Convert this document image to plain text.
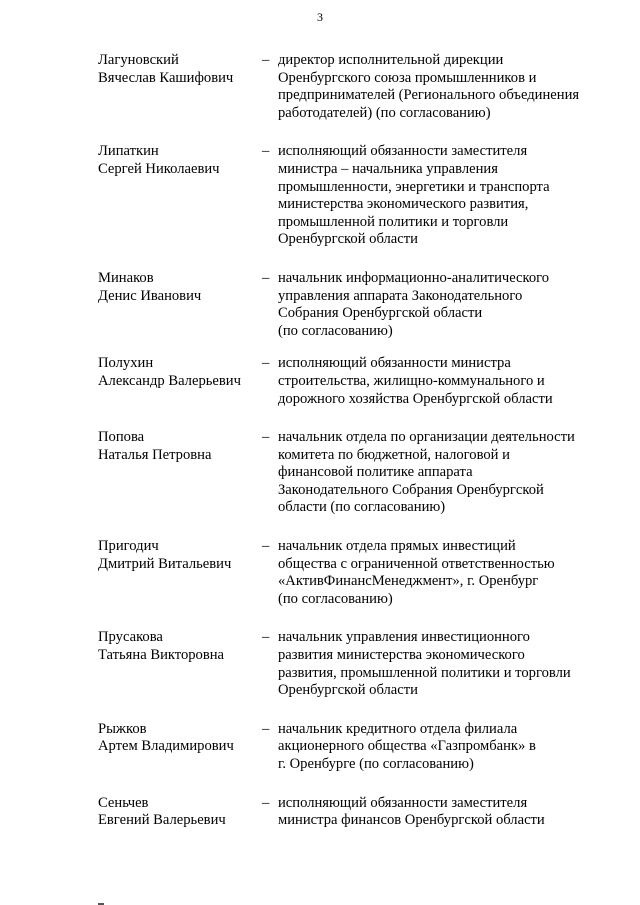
3
Лагуновский
Вячеслав Кашифович
– директор исполнительной дирекции
Оренбургского союза промышленников и
предпринимателей (Регионального объединения
работодателей) (по согласованию)
Липаткин
Сергей Николаевич
– исполняющий обязанности заместителя
министра – начальника управления
промышленности, энергетики и транспорта
министерства экономического развития,
промышленной политики и торговли
Оренбургской области
Минаков
Денис Иванович
– начальник информационно-аналитического
управления аппарата Законодательного
Собрания Оренбургской области
(по согласованию)
Полухин
Александр Валерьевич
– исполняющий обязанности министра
строительства, жилищно-коммунального и
дорожного хозяйства Оренбургской области
Попова
Наталья Петровна
– начальник отдела по организации деятельности
комитета по бюджетной, налоговой и
финансовой политике аппарата
Законодательного Собрания Оренбургской
области (по согласованию)
Пригодич
Дмитрий Витальевич
– начальник отдела прямых инвестиций
общества с ограниченной ответственностью
«АктивФинансМенеджмент», г. Оренбург
(по согласованию)
Прусакова
Татьяна Викторовна
– начальник управления инвестиционного
развития министерства экономического
развития, промышленной политики и торговли
Оренбургской области
Рыжков
Артем Владимирович
– начальник кредитного отдела филиала
акционерного общества «Газпромбанк» в
г. Оренбурге (по согласованию)
Сеньчев
Евгений Валерьевич
– исполняющий обязанности заместителя
министра финансов Оренбургской области
